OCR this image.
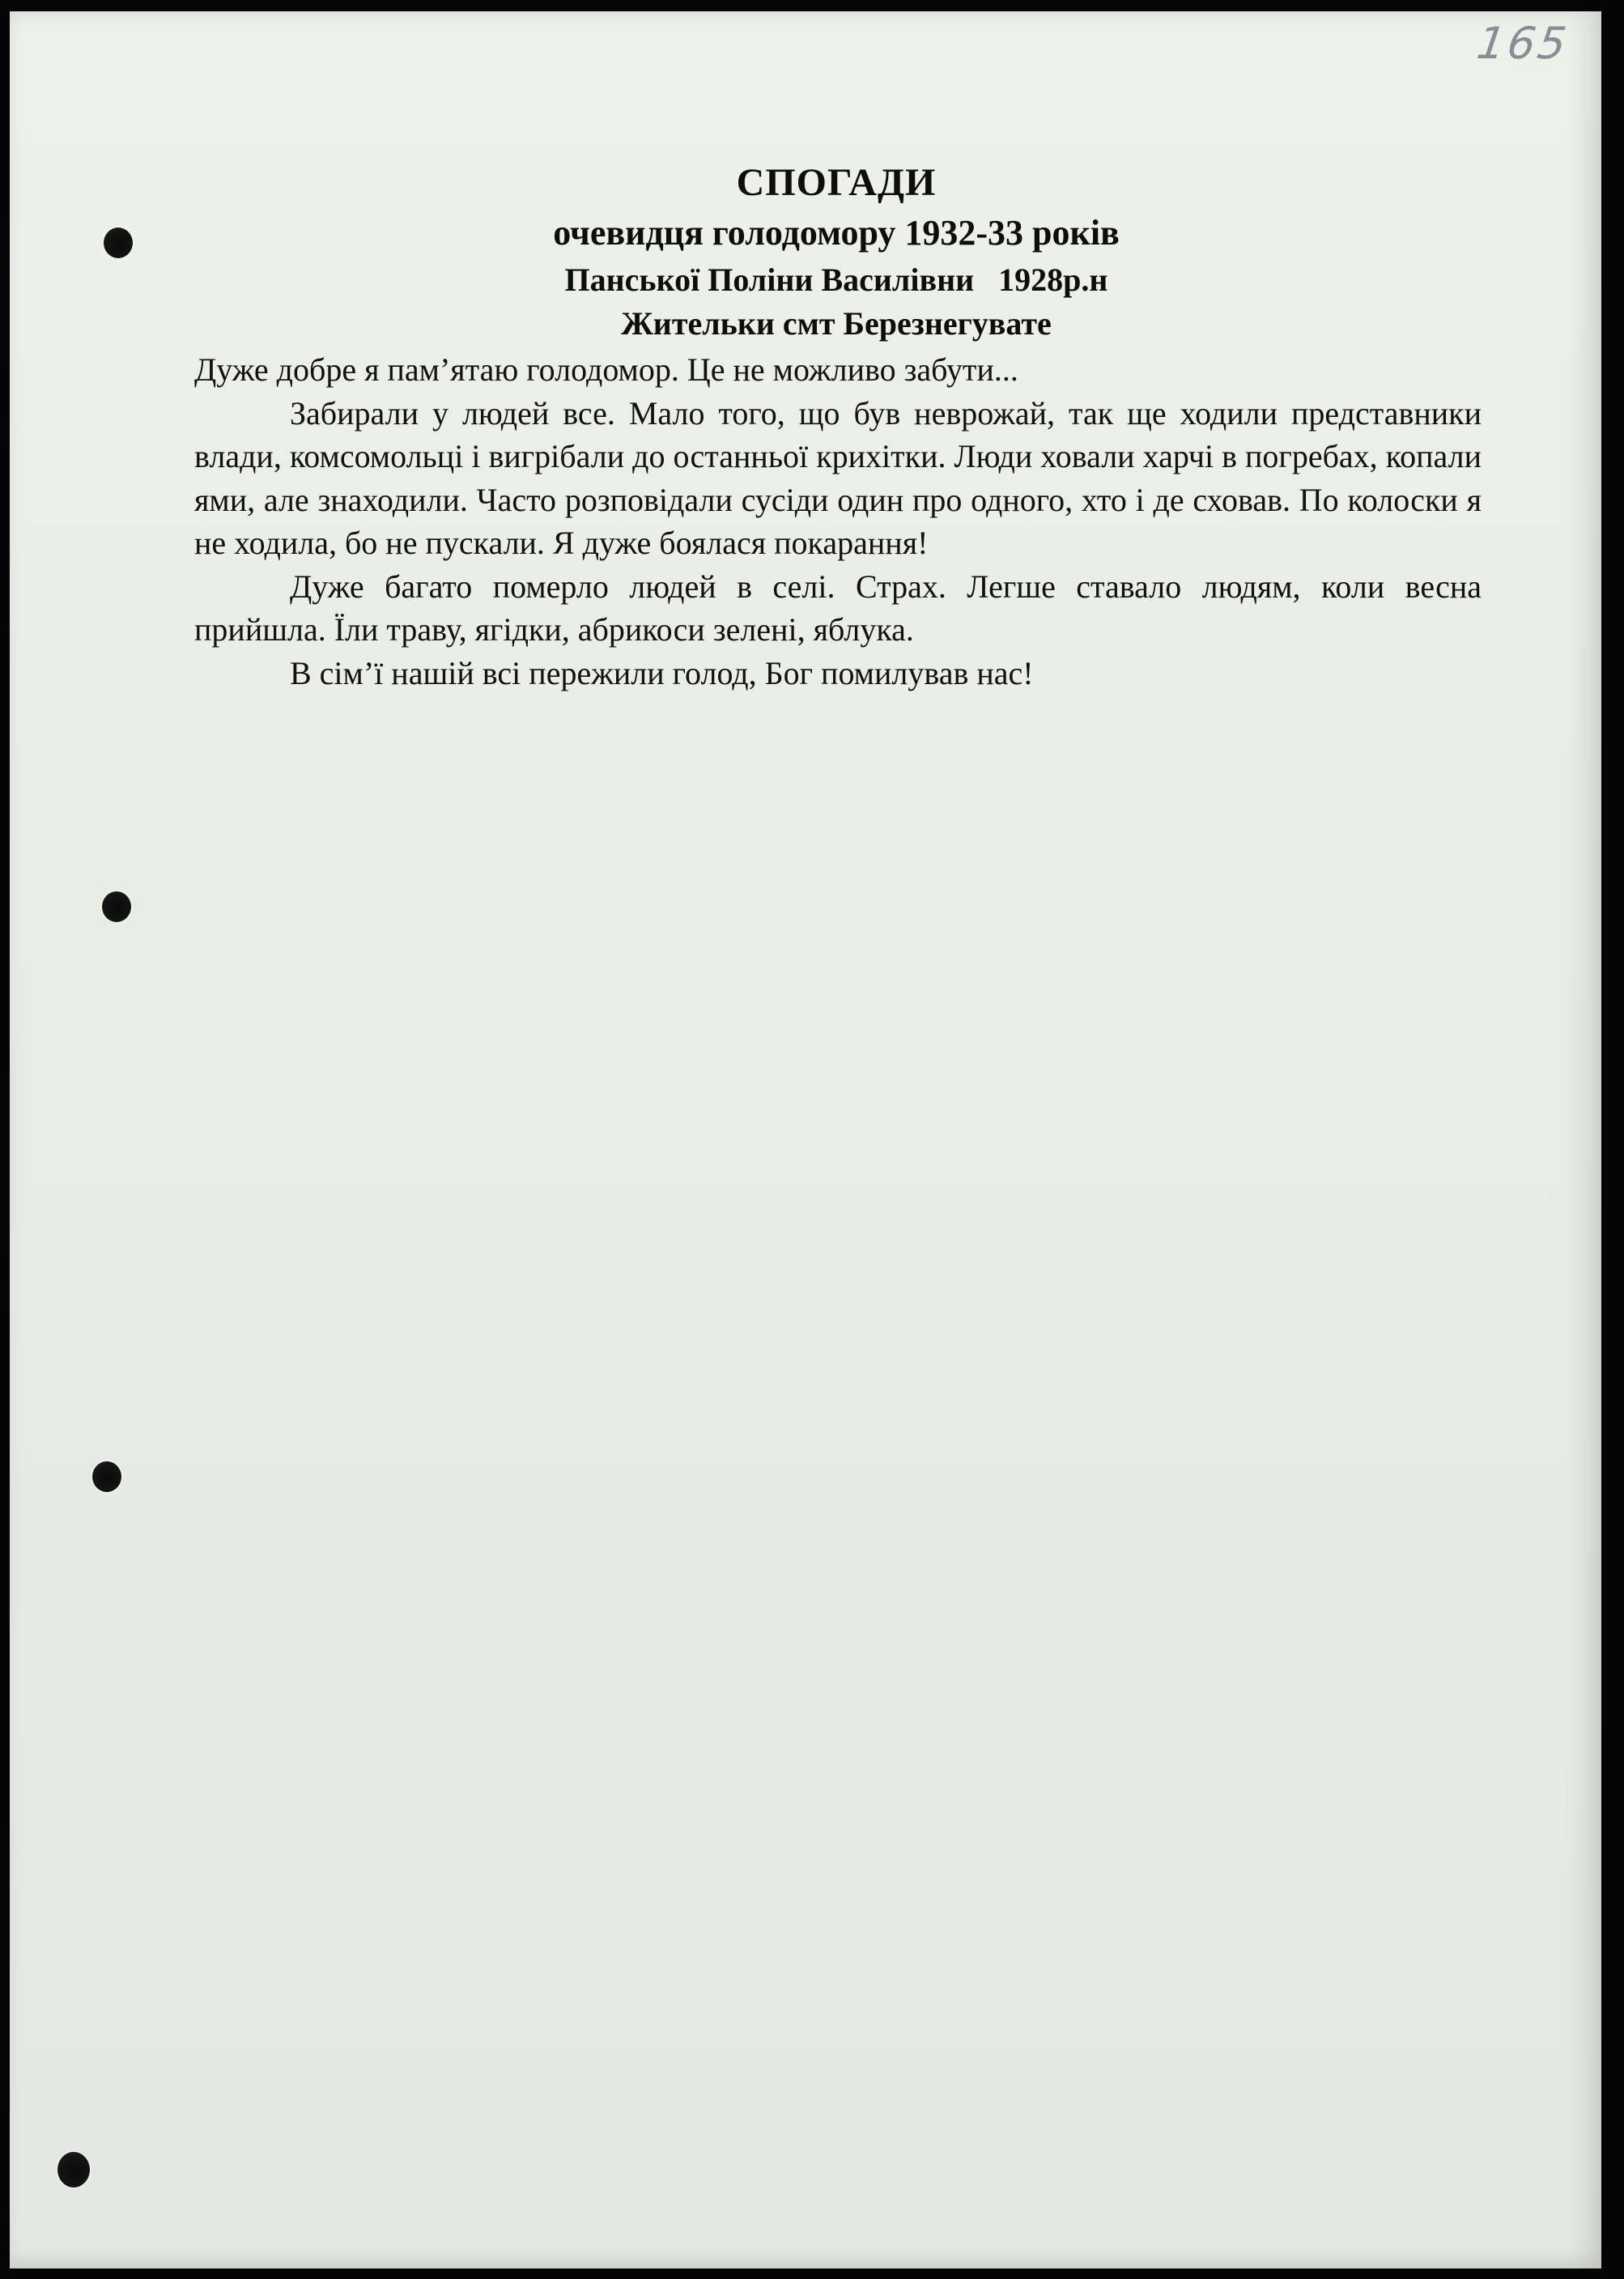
165
СПОГАДИ
очевидця голодомору 1932-33 років
Панської Поліни Василівни   1928р.н
Жительки смт Березнегувате

Дуже добре я пам’ятаю голодомор. Це не можливо забути...

Забирали у людей все. Мало того, що був неврожай, так ще ходили представники влади, комсомольці і вигрібали до останньої крихітки. Люди ховали харчі в погребах, копали ями, але знаходили. Часто розповідали сусіди один про одного, хто і де сховав. По колоски я не ходила, бо не пускали. Я дуже боялася покарання!

Дуже багато померло людей в селі. Страх. Легше ставало людям, коли весна прийшла. Їли траву, ягідки, абрикоси зелені, яблука.

В сім’ї нашій всі пережили голод, Бог помилував нас!
